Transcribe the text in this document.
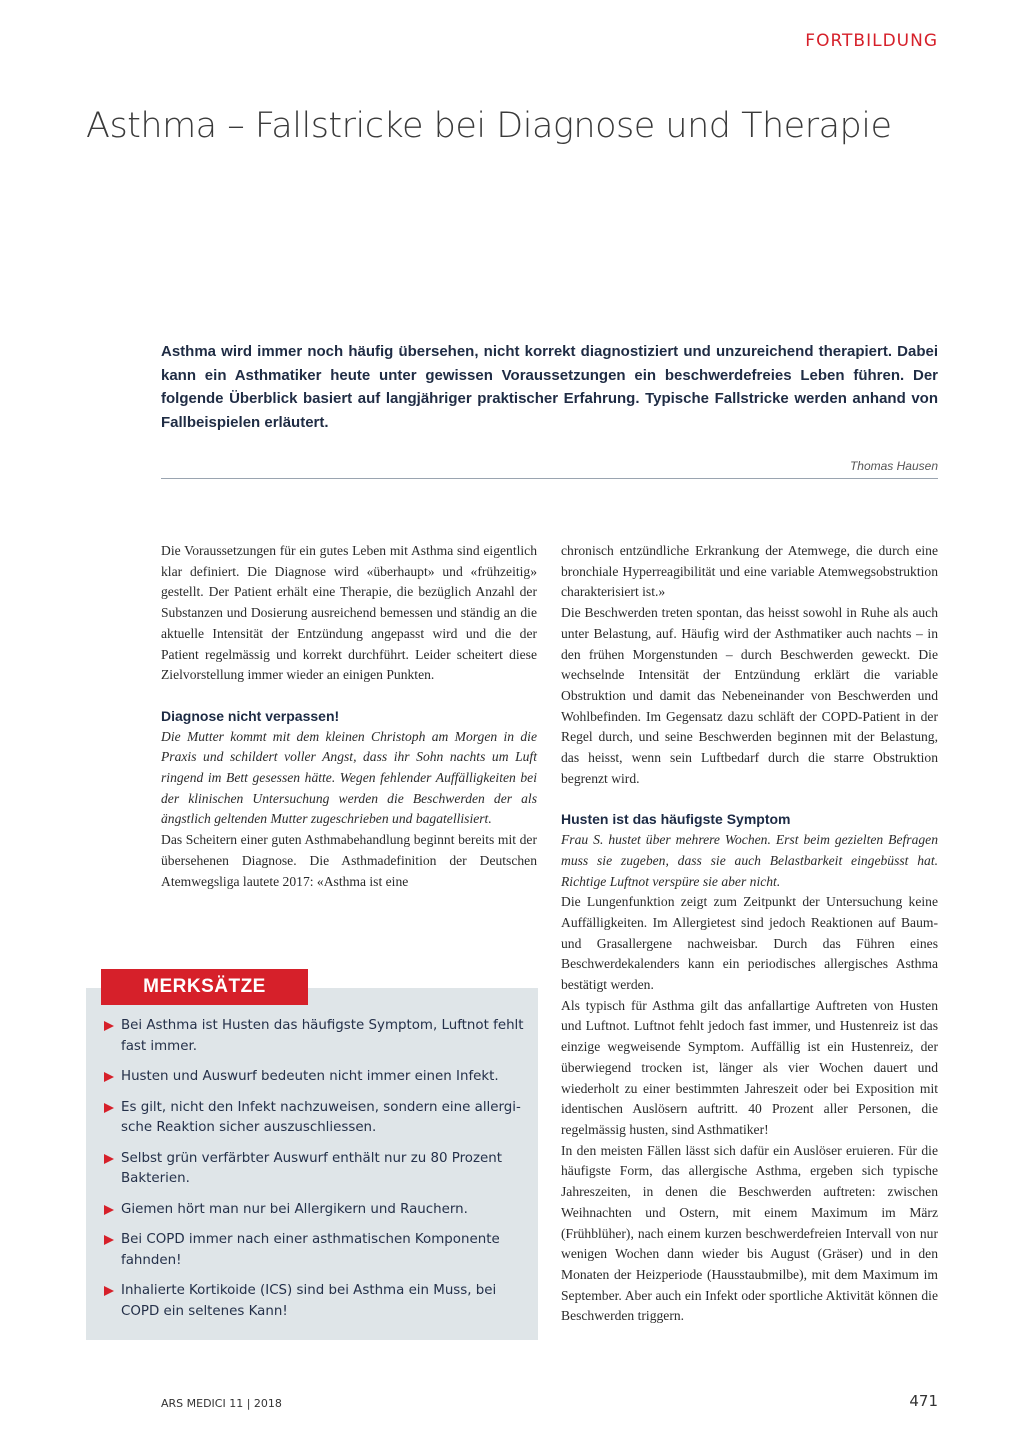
FORTBILDUNG
Asthma – Fallstricke bei Diagnose und Therapie

Asthma wird immer noch häufig übersehen, nicht korrekt diagnostiziert und unzureichend therapiert. Dabei kann ein Asthmatiker heute unter gewissen Voraussetzungen ein beschwerdefreies Leben führen. Der folgende Überblick basiert auf langjähriger praktischer Erfahrung. Typische Fallstricke werden anhand von Fallbeispielen erläutert.

Thomas Hausen

Die Voraussetzungen für ein gutes Leben mit Asthma sind eigentlich klar definiert. Die Diagnose wird «überhaupt» und «frühzeitig» gestellt. Der Patient erhält eine Therapie, die bezüglich Anzahl der Substanzen und Dosierung ausreichend bemessen und ständig an die aktuelle Intensität der Entzündung angepasst wird und die der Patient regelmässig und korrekt durchführt. Leider scheitert diese Zielvorstellung immer wieder an einigen Punkten.

Diagnose nicht verpassen!

Die Mutter kommt mit dem kleinen Christoph am Morgen in die Praxis und schildert voller Angst, dass ihr Sohn nachts um Luft ringend im Bett gesessen hätte. Wegen fehlender Auffälligkeiten bei der klinischen Untersuchung werden die Beschwerden der als ängstlich geltenden Mutter zugeschrieben und bagatellisiert.

Das Scheitern einer guten Asthmabehandlung beginnt bereits mit der übersehenen Diagnose. Die Asthmadefinition der Deutschen Atemwegsliga lautete 2017: «Asthma ist eine

chronisch entzündliche Erkrankung der Atemwege, die durch eine bronchiale Hyperreagibilität und eine variable Atemwegsobstruktion charakterisiert ist.»

Die Beschwerden treten spontan, das heisst sowohl in Ruhe als auch unter Belastung, auf. Häufig wird der Asthmatiker auch nachts – in den frühen Morgenstunden – durch Beschwerden geweckt. Die wechselnde Intensität der Entzündung erklärt die variable Obstruktion und damit das Nebeneinander von Beschwerden und Wohlbefinden. Im Gegensatz dazu schläft der COPD-Patient in der Regel durch, und seine Beschwerden beginnen mit der Belastung, das heisst, wenn sein Luftbedarf durch die starre Obstruktion begrenzt wird.

Husten ist das häufigste Symptom

Frau S. hustet über mehrere Wochen. Erst beim gezielten Befragen muss sie zugeben, dass sie auch Belastbarkeit eingebüsst hat. Richtige Luftnot verspüre sie aber nicht.

Die Lungenfunktion zeigt zum Zeitpunkt der Untersuchung keine Auffälligkeiten. Im Allergietest sind jedoch Reaktionen auf Baum- und Grasallergene nachweisbar. Durch das Führen eines Beschwerdekalenders kann ein periodisches allergisches Asthma bestätigt werden.

Als typisch für Asthma gilt das anfallartige Auftreten von Husten und Luftnot. Luftnot fehlt jedoch fast immer, und Hustenreiz ist das einzige wegweisende Symptom. Auffällig ist ein Hustenreiz, der überwiegend trocken ist, länger als vier Wochen dauert und wiederholt zu einer bestimmten Jahreszeit oder bei Exposition mit identischen Auslösern auftritt. 40 Prozent aller Personen, die regelmässig husten, sind Asthmatiker!

In den meisten Fällen lässt sich dafür ein Auslöser eruieren. Für die häufigste Form, das allergische Asthma, ergeben sich typische Jahreszeiten, in denen die Beschwerden auftreten: zwischen Weihnachten und Ostern, mit einem Maximum im März (Frühblüher), nach einem kurzen beschwerdefreien Intervall von nur wenigen Wochen dann wieder bis August (Gräser) und in den Monaten der Heizperiode (Hausstaubmilbe), mit dem Maximum im September. Aber auch ein Infekt oder sportliche Aktivität können die Beschwerden triggern.

MERKSÄTZE
Bei Asthma ist Husten das häufigste Symptom, Luftnot fehlt fast immer.
Husten und Auswurf bedeuten nicht immer einen Infekt.
Es gilt, nicht den Infekt nachzuweisen, sondern eine allergische Reaktion sicher auszuschliessen.
Selbst grün verfärbter Auswurf enthält nur zu 80 Prozent Bakterien.
Giemen hört man nur bei Allergikern und Rauchern.
Bei COPD immer nach einer asthmatischen Komponente fahnden!
Inhalierte Kortikoide (ICS) sind bei Asthma ein Muss, bei COPD ein seltenes Kann!
ARS MEDICI 11 | 2018	471
